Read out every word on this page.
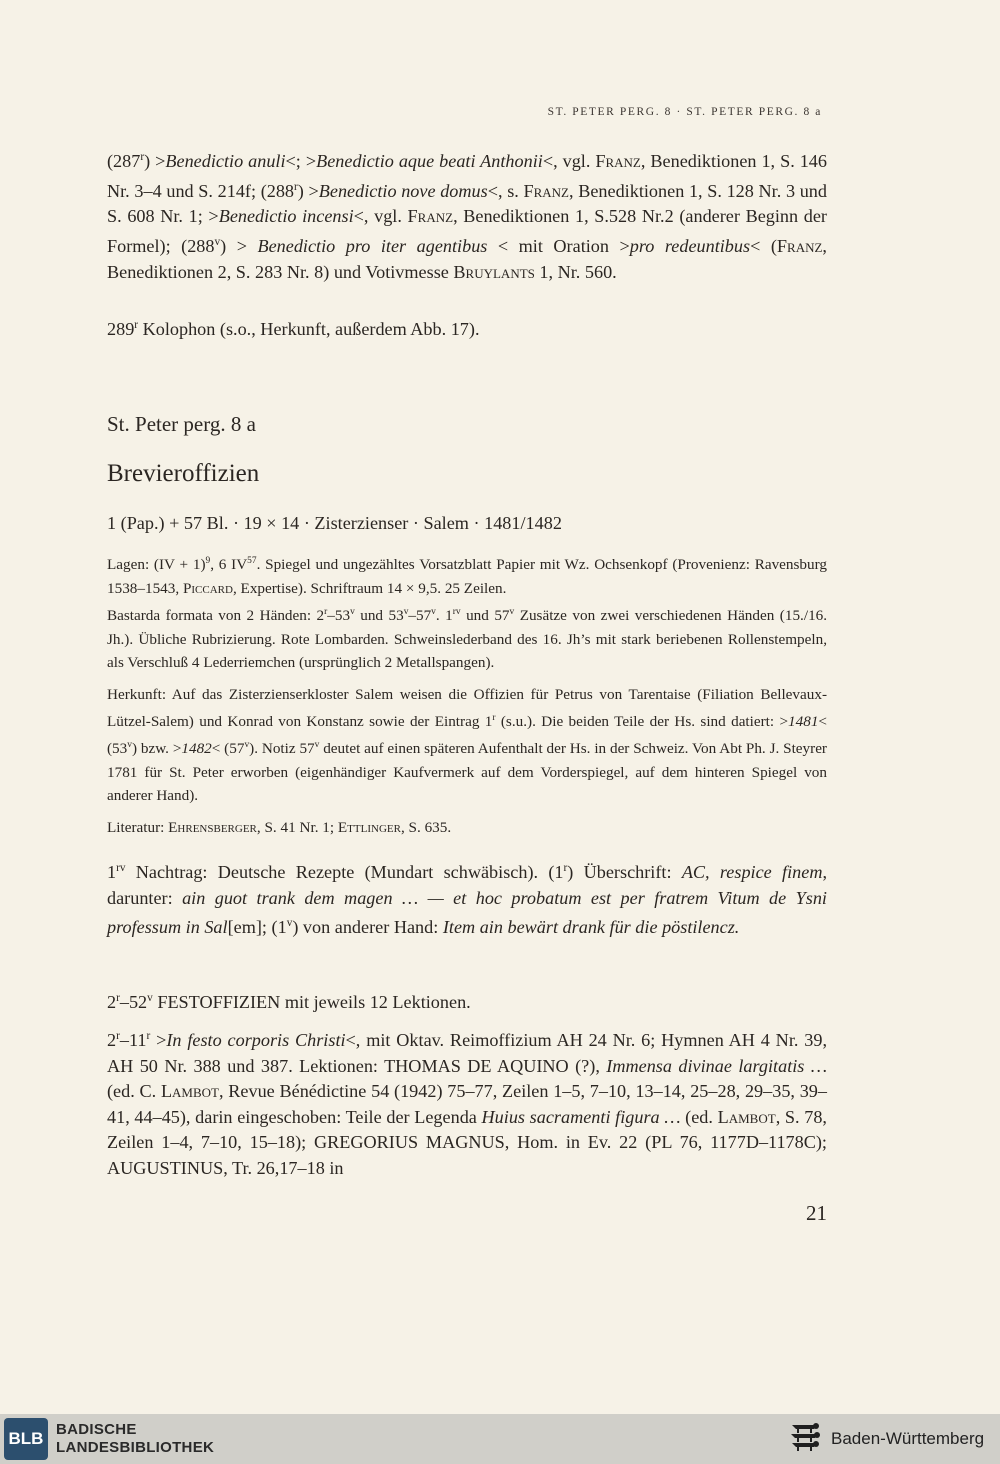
ST. PETER PERG. 8 · ST. PETER PERG. 8 a

$(287^r)$ >Benedictio anuli<; >Benedictio aque beati Anthonii<, vgl. Franz, Benediktionen 1, S. 146 Nr. 3–4 und S. 214f; $(288^r)$ >Benedictio nove domus<, s. Franz, Benediktionen 1, S. 128 Nr. 3 und S. 608 Nr. 1; >Benedictio incensi<, vgl. Franz, Benediktionen 1, S.528 Nr.2 (anderer Beginn der Formel); $(288^v)$ > Benedictio pro iter agentibus < mit Oration >pro redeuntibus< (Franz, Benediktionen 2, S. 283 Nr. 8) und Votivmesse Bruylants 1, Nr. 560.

289$^r$ Kolophon (s.o., Herkunft, außerdem Abb. 17).

St. Peter perg. 8 a
Brevieroffizien

1 (Pap.) + 57 Bl. · 19 × 14 · Zisterzienser · Salem · 1481/1482

Lagen: (IV + 1)$^9$, 6 IV$^{57}$. Spiegel und ungezähltes Vorsatzblatt Papier mit Wz. Ochsenkopf (Provenienz: Ravensburg 1538–1543, Piccard, Expertise). Schriftraum 14 × 9,5. 25 Zeilen.

Bastarda formata von 2 Händen: 2$^r$–53$^v$ und 53$^v$–57$^v$. $1^{rv}$ und 57$^v$ Zusätze von zwei verschiedenen Händen (15./16. Jh.). Übliche Rubrizierung. Rote Lombarden. Schweinslederband des 16. Jh’s mit stark beriebenen Rollenstempeln, als Verschluß 4 Lederriemchen (ursprünglich 2 Metallspangen).

Herkunft: Auf das Zisterzienserkloster Salem weisen die Offizien für Petrus von Tarentaise (Filiation Bellevaux-Lützel-Salem) und Konrad von Konstanz sowie der Eintrag 1$^r$ (s.u.). Die beiden Teile der Hs. sind datiert: $>1481< (53^v)$ bzw. $>1482< (57^v)$. Notiz 57$^v$ deutet auf einen späteren Aufenthalt der Hs. in der Schweiz. Von Abt Ph. J. Steyrer 1781 für St. Peter erworben (eigenhändiger Kaufvermerk auf dem Vorderspiegel, auf dem hinteren Spiegel von anderer Hand).

Literatur: Ehrensberger, S. 41 Nr. 1; Ettlinger, S. 635.

$1^{rv}$ Nachtrag: Deutsche Rezepte (Mundart schwäbisch). (1$^r$) Überschrift: AC, respice finem, darunter: ain guot trank dem magen … — et hoc probatum est per fratrem Vitum de Ysni professum in Sal[em]; (1$^v$) von anderer Hand: Item ain bewärt drank für die pöstilencz.

2$^r$–52$^v$ FESTOFFIZIEN mit jeweils 12 Lektionen.

$2^r-11^r >In$ festo corporis Christi<, mit Oktav. Reimoffizium AH 24 Nr. 6; Hymnen AH 4 Nr. 39, AH 50 Nr. 388 und 387. Lektionen: THOMAS DE AQUINO (?), Immensa divinae largitatis … (ed. C. Lambot, Revue Bénédictine 54 (1942) 75–77, Zeilen 1–5, 7–10, 13–14, 25–28, 29–35, 39–41, 44–45), darin eingeschoben: Teile der Legenda Huius sacramenti figura … (ed. Lambot, S. 78, Zeilen 1–4, 7–10, 15–18); GREGORIUS MAGNUS, Hom. in Ev. 22 (PL 76, 1177D–1178C); AUGUSTINUS, Tr. 26,17–18 in

21
BLB BADISCHE
LANDESBIBLIOTHEK	Baden-Württemberg
